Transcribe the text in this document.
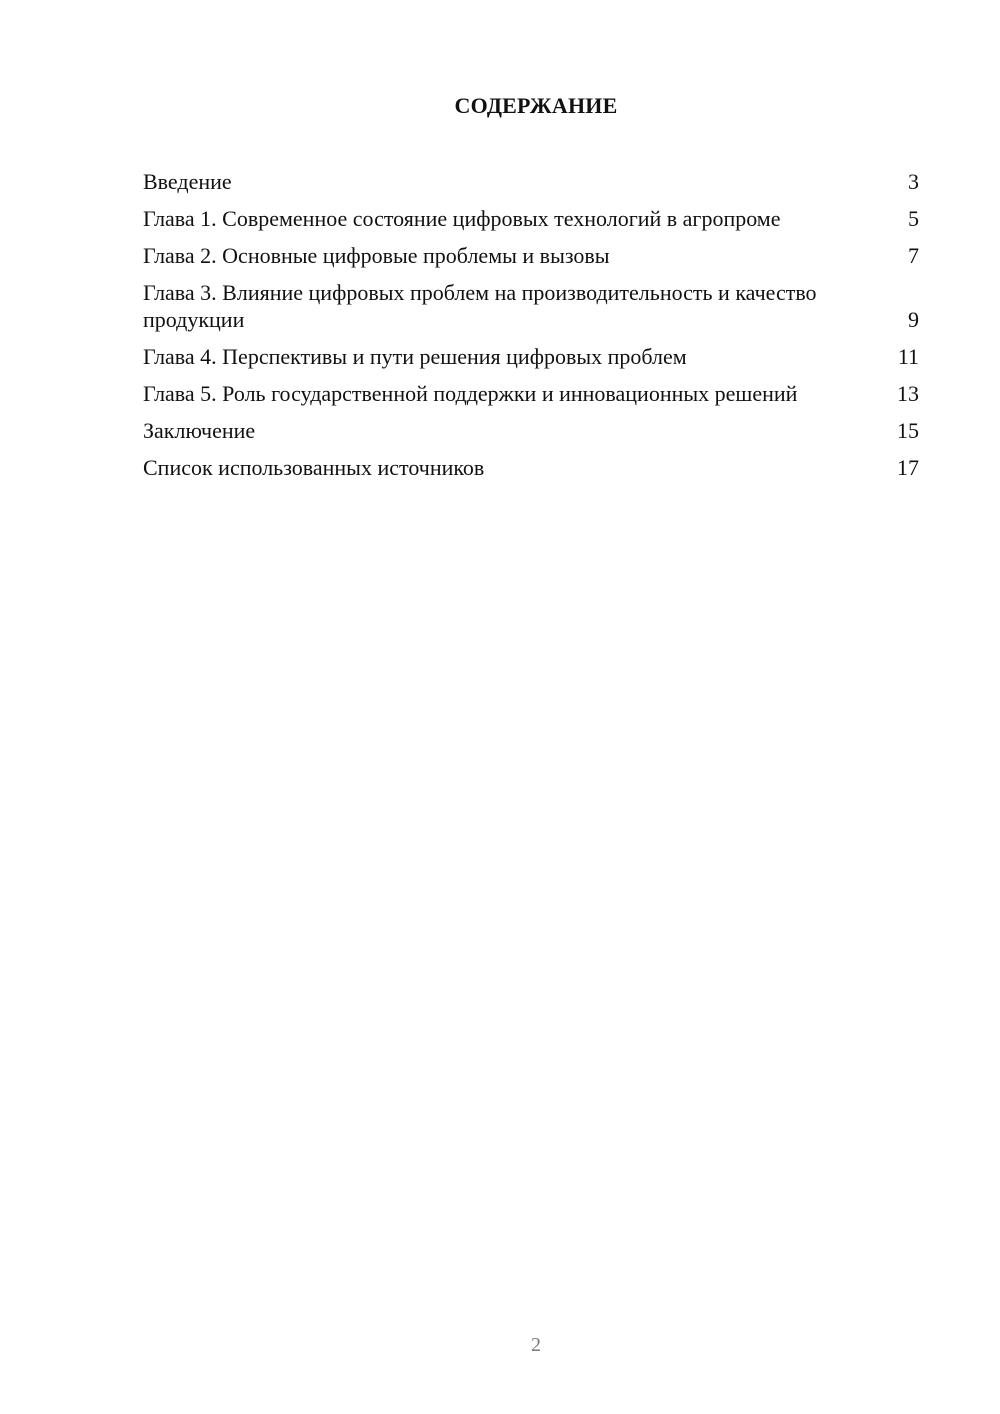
СОДЕРЖАНИЕ
Введение	3
Глава 1. Современное состояние цифровых технологий в агропроме	5
Глава 2. Основные цифровые проблемы и вызовы	7
Глава 3. Влияние цифровых проблем на производительность и качество продукции	9
Глава 4. Перспективы и пути решения цифровых проблем	11
Глава 5. Роль государственной поддержки и инновационных решений	13
Заключение	15
Список использованных источников	17
2
